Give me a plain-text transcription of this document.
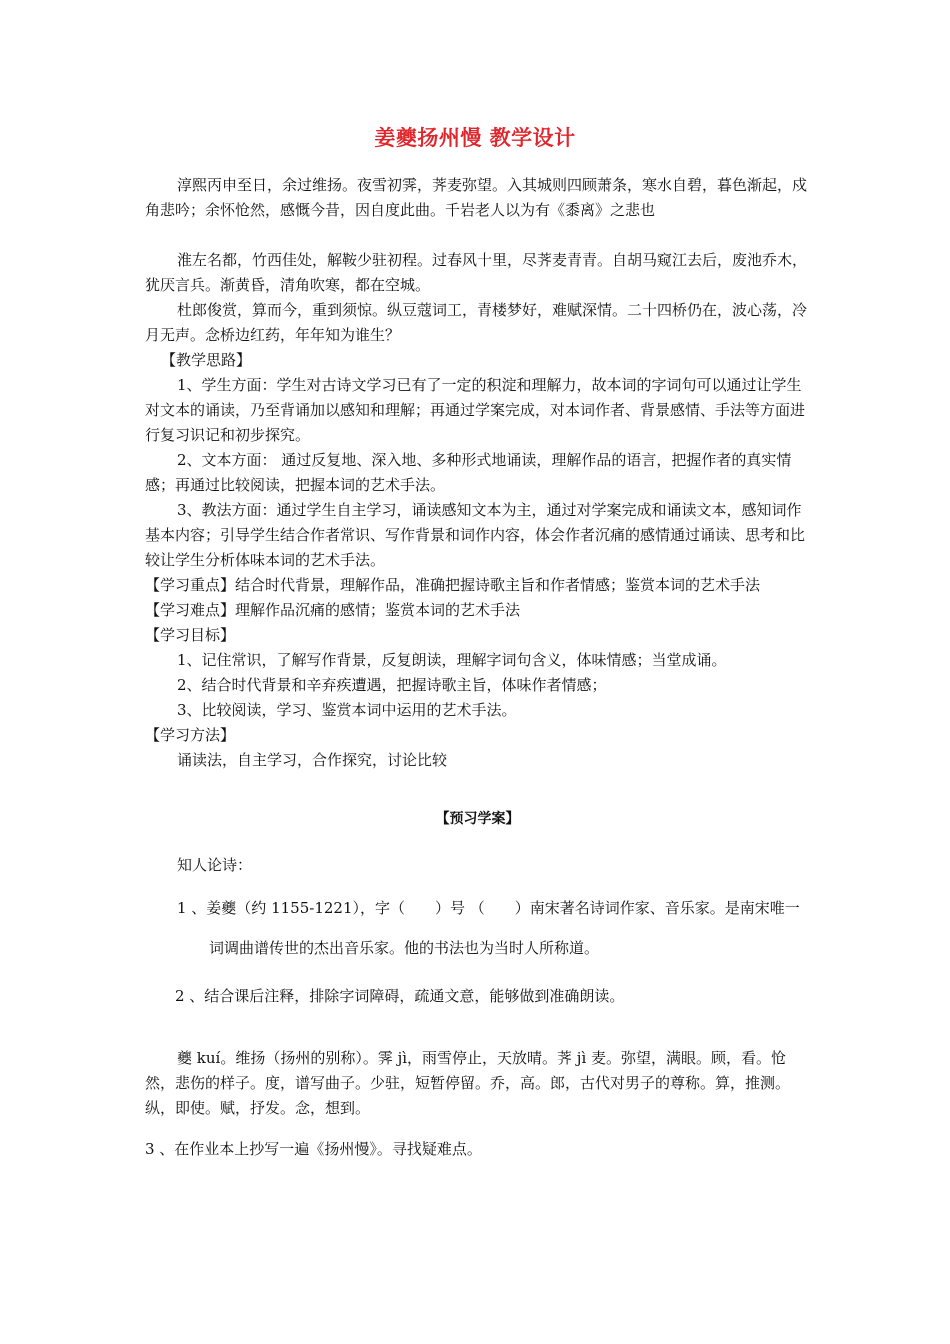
姜夔扬州慢 教学设计

淳熙丙申至日，余过维扬。夜雪初霁，荠麦弥望。入其城则四顾萧条，寒水自碧，暮色渐起，戍角悲吟；余怀怆然，感慨今昔，因自度此曲。千岩老人以为有《黍离》之悲也

淮左名都，竹西佳处，解鞍少驻初程。过春风十里，尽荠麦青青。自胡马窥江去后，废池乔木，犹厌言兵。渐黄昏，清角吹寒，都在空城。

杜郎俊赏，算而今，重到须惊。纵豆蔻词工，青楼梦好，难赋深情。二十四桥仍在，波心荡，冷月无声。念桥边红药，年年知为谁生？

【教学思路】

1、学生方面：学生对古诗文学习已有了一定的积淀和理解力，故本词的字词句可以通过让学生对文本的诵读，乃至背诵加以感知和理解；再通过学案完成，对本词作者、背景感情、手法等方面进行复习识记和初步探究。

2、文本方面： 通过反复地、深入地、多种形式地诵读，理解作品的语言，把握作者的真实情感；再通过比较阅读，把握本词的艺术手法。

3、教法方面：通过学生自主学习，诵读感知文本为主，通过对学案完成和诵读文本，感知词作基本内容；引导学生结合作者常识、写作背景和词作内容，体会作者沉痛的感情通过诵读、思考和比较让学生分析体味本词的艺术手法。

【学习重点】结合时代背景，理解作品，准确把握诗歌主旨和作者情感；鉴赏本词的艺术手法

【学习难点】理解作品沉痛的感情；鉴赏本词的艺术手法

【学习目标】

1、记住常识，了解写作背景，反复朗读，理解字词句含义，体味情感；当堂成诵。

2、结合时代背景和辛弃疾遭遇，把握诗歌主旨，体味作者情感；

3、比较阅读，学习、鉴赏本词中运用的艺术手法。

【学习方法】

诵读法，自主学习，合作探究，讨论比较

【预习学案】

知人论诗：

1 、姜夔（约 1155-1221），字（　　）号 （　　）南宋著名诗词作家、音乐家。是南宋唯一词调曲谱传世的杰出音乐家。他的书法也为当时人所称道。

2 、结合课后注释，排除字词障碍，疏通文意，能够做到准确朗读。

夔 kuí。维扬（扬州的别称）。霁 jì，雨雪停止，天放晴。荠 jì 麦。弥望，满眼。顾，看。怆然，悲伤的样子。度，谱写曲子。少驻，短暂停留。乔，高。郎，古代对男子的尊称。算，推测。纵，即使。赋，抒发。念，想到。

3 、在作业本上抄写一遍《扬州慢》。寻找疑难点。
